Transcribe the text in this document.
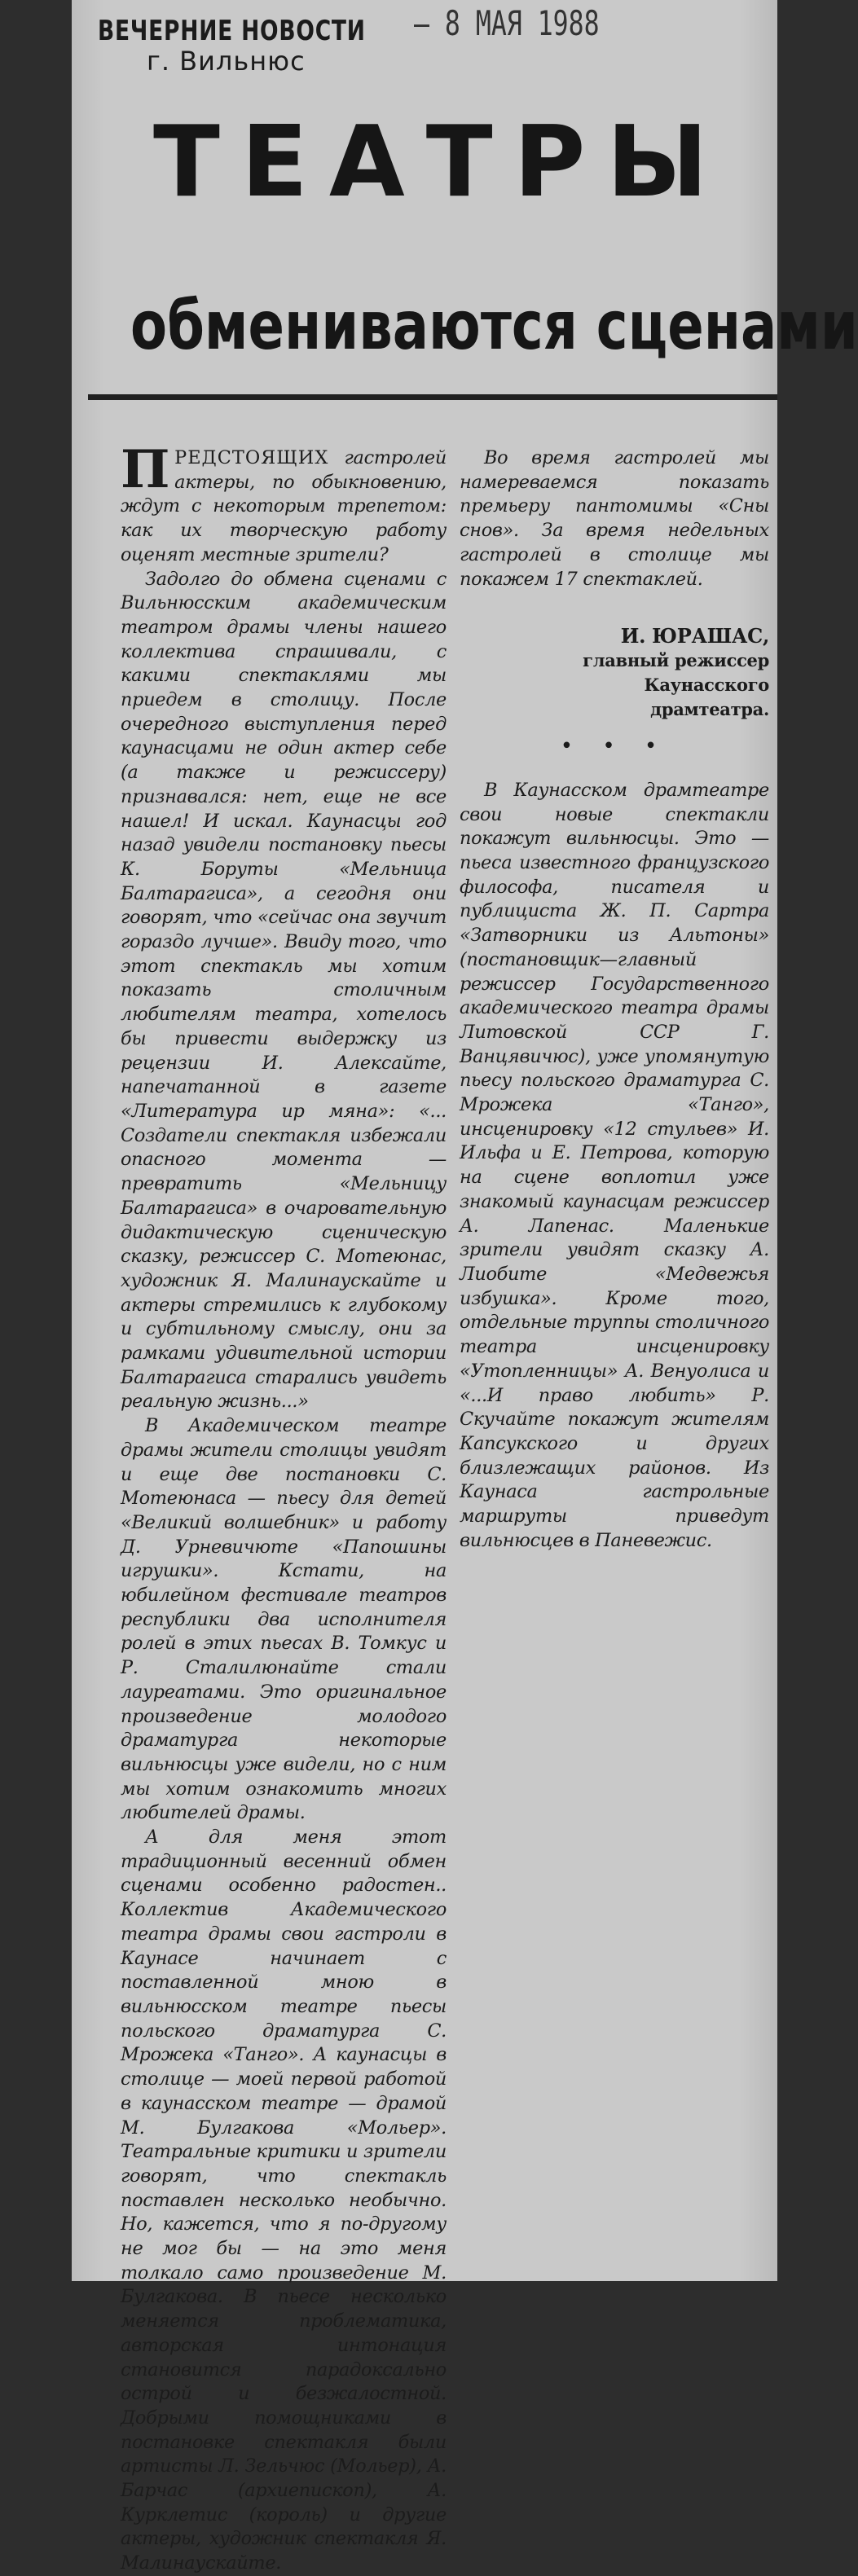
ВЕЧЕРНИЕ НОВОСТИ
г. Вильнюс
— 8 МАЯ 1988
ТЕАТРЫ
обмениваются сценами

ПРЕДСТОЯЩИХ гастролей актеры, по обыкновению, ждут с некоторым трепетом: как их творческую работу оценят местные зрители?

Задолго до обмена сценами с Вильнюсским академическим театром драмы члены нашего коллектива спрашивали, с какими спектаклями мы приедем в столицу. После очередного выступления перед каунасцами не один актер себе (а также и режиссеру) признавался: нет, еще не все нашел! И искал. Каунасцы год назад увидели постановку пьесы К. Боруты «Мельница Балтарагиса», а сегодня они говорят, что «сейчас она звучит гораздо лучше». Ввиду того, что этот спектакль мы хотим показать столичным любителям театра, хотелось бы привести выдержку из рецензии И. Алексайте, напечатанной в газете «Литература ир мяна»: «... Создатели спектакля избежали опасного момента — превратить «Мельницу Балтарагиса» в очаровательную дидактическую сценическую сказку, режиссер С. Мотеюнас, художник Я. Малинаускайте и актеры стремились к глубокому и субтильному смыслу, они за рамками удивительной истории Балтарагиса старались увидеть реальную жизнь...»

В Академическом театре драмы жители столицы увидят и еще две постановки С. Мотеюнаса — пьесу для детей «Великий волшебник» и работу Д. Урневичюте «Папошины игрушки». Кстати, на юбилейном фестивале театров республики два исполнителя ролей в этих пьесах В. Томкус и Р. Сталилюнайте стали лауреатами. Это оригинальное произведение молодого драматурга некоторые вильнюсцы уже видели, но с ним мы хотим ознакомить многих любителей драмы.

А для меня этот традиционный весенний обмен сценами особенно радостен.. Коллектив Академического театра драмы свои гастроли в Каунасе начинает с поставленной мною в вильнюсском театре пьесы польского драматурга С. Мрожека «Танго». А каунасцы в столице — моей первой работой в каунасском театре — драмой М. Булгакова «Мольер». Театральные критики и зрители говорят, что спектакль поставлен несколько необычно. Но, кажется, что я по-другому не мог бы — на это меня толкало само произведение М. Булгакова. В пьесе несколько меняется проблематика, авторская интонация становится парадоксально острой и безжалостной. Добрыми помощниками в постановке спектакля были артисты Л. Зельчюс (Мольер), А. Барчас (архиепископ), А. Курклетис (король) и другие актеры, художник спектакля Я. Малинаускайте.

Во время гастролей мы намереваемся показать премьеру пантомимы «Сны снов». За время недельных гастролей в столице мы покажем 17 спектаклей.

И. ЮРАШАС,
главный режиссер
Каунасского
драмтеатра.
• • •

В Каунасском драмтеатре свои новые спектакли покажут вильнюсцы. Это — пьеса известного французского философа, писателя и публициста Ж. П. Сартра «Затворники из Альтоны» (постановщик—главный режиссер Государственного академического театра драмы Литовской ССР Г. Ванцявичюс), уже упомянутую пьесу польского драматурга С. Мрожека «Танго», инсценировку «12 стульев» И. Ильфа и Е. Петрова, которую на сцене воплотил уже знакомый каунасцам режиссер А. Лапенас. Маленькие зрители увидят сказку А. Лиобите «Медвежья избушка». Кроме того, отдельные труппы столичного театра инсценировку «Утопленницы» А. Венуолиса и «...И право любить» Р. Скучайте покажут жителям Капсукского и других близлежащих районов. Из Каунаса гастрольные маршруты приведут вильнюсцев в Паневежис.
